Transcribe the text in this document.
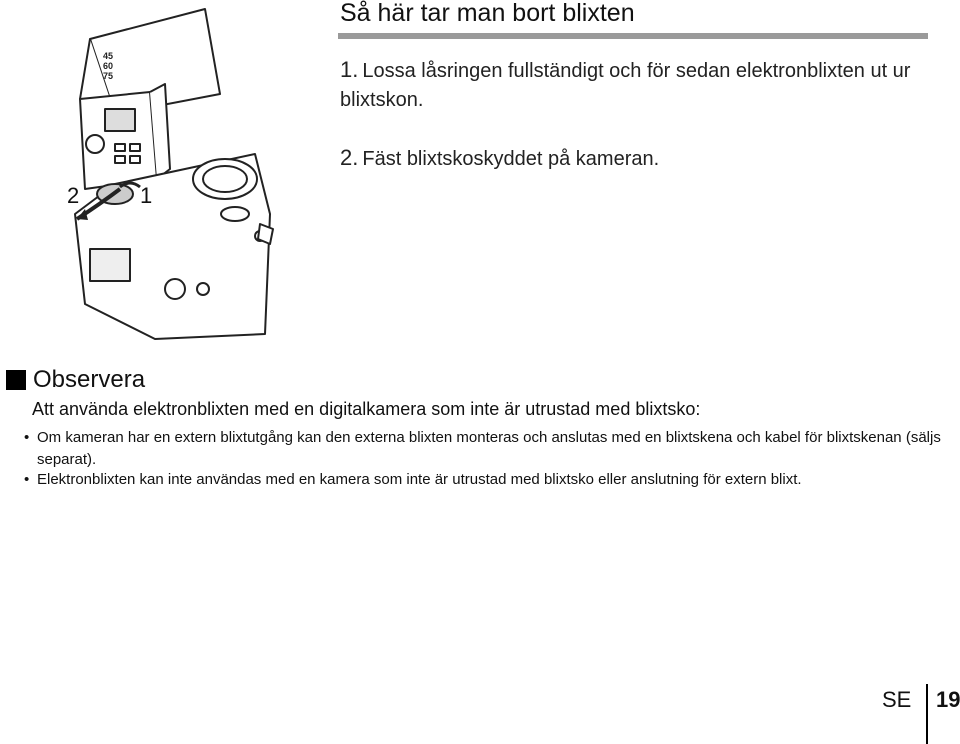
45
60
75
2	1
Så här tar man bort blixten
1. Lossa låsringen fullständigt och för sedan elektronblixten ut ur blixtskon.
2. Fäst blixtskoskyddet på kameran.
Observera
Att använda elektronblixten med en digitalkamera som inte är utrustad med blixtsko:
• Om kameran har en extern blixtutgång kan den externa blixten monteras och anslutas med en blixtskena och kabel för blixtskenan (säljs separat).
• Elektronblixten kan inte användas med en kamera som inte är utrustad med blixtsko eller anslutning för extern blixt.
SE 19
